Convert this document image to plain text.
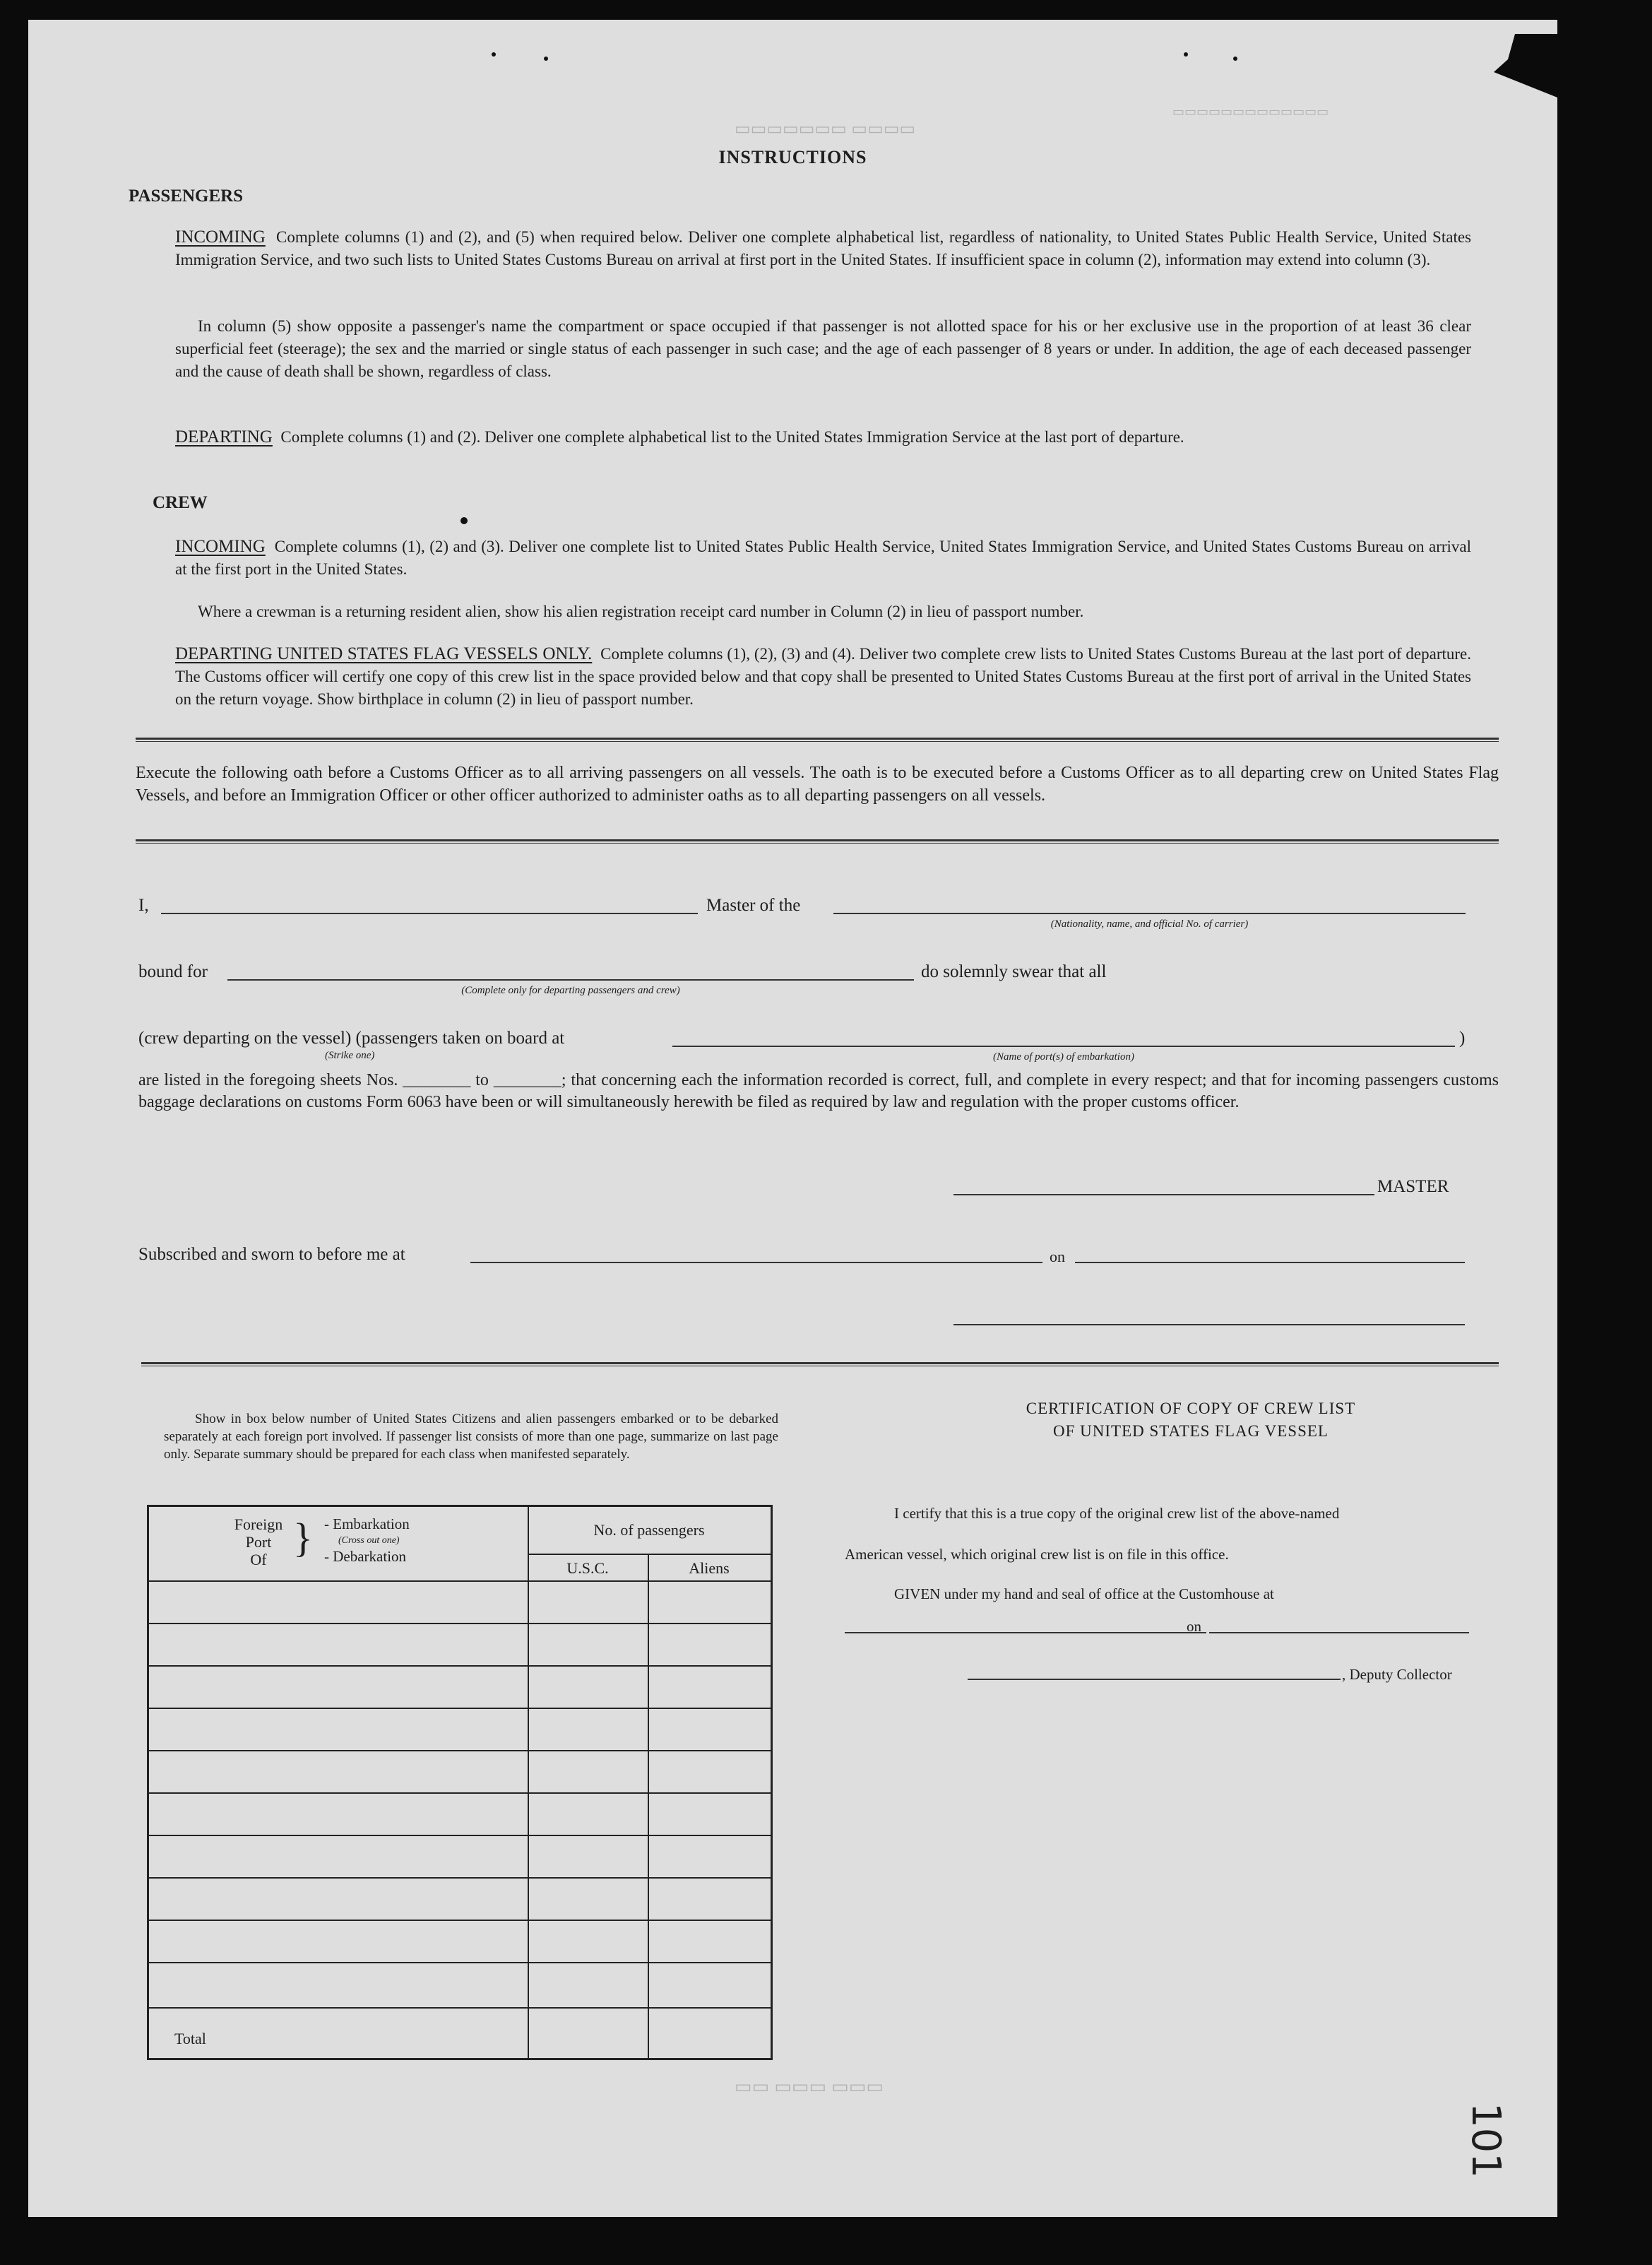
▭▭▭▭▭▭▭ ▭▭▭▭
▭▭▭▭▭▭▭▭▭▭▭▭▭
▭▭ ▭▭▭ ▭▭▭
INSTRUCTIONS
PASSENGERS

INCOMING Complete columns (1) and (2), and (5) when required below. Deliver one complete alphabetical list, regardless of nationality, to United States Public Health Service, United States Immigration Service, and two such lists to United States Customs Bureau on arrival at first port in the United States. If insufficient space in column (2), information may extend into column (3).

In column (5) show opposite a passenger's name the compartment or space occupied if that passenger is not allotted space for his or her exclusive use in the proportion of at least 36 clear superficial feet (steerage); the sex and the married or single status of each passenger in such case; and the age of each passenger of 8 years or under. In addition, the age of each deceased passenger and the cause of death shall be shown, regardless of class.

DEPARTING Complete columns (1) and (2). Deliver one complete alphabetical list to the United States Immigration Service at the last port of departure.

CREW

INCOMING Complete columns (1), (2) and (3). Deliver one complete list to United States Public Health Service, United States Immigration Service, and United States Customs Bureau on arrival at the first port in the United States.

Where a crewman is a returning resident alien, show his alien registration receipt card number in Column (2) in lieu of passport number.

DEPARTING UNITED STATES FLAG VESSELS ONLY. Complete columns (1), (2), (3) and (4). Deliver two complete crew lists to United States Customs Bureau at the last port of departure. The Customs officer will certify one copy of this crew list in the space provided below and that copy shall be presented to United States Customs Bureau at the first port of arrival in the United States on the return voyage. Show birthplace in column (2) in lieu of passport number.

Execute the following oath before a Customs Officer as to all arriving passengers on all vessels. The oath is to be executed before a Customs Officer as to all departing crew on United States Flag Vessels, and before an Immigration Officer or other officer authorized to administer oaths as to all departing passengers on all vessels.

I,	Master of the
(Nationality, name, and official No. of carrier)
bound for
(Complete only for departing passengers and crew)
do solemnly swear that all
(crew departing on the vessel) (passengers taken on board at
(Strike one)	(Name of port(s) of embarkation)
)

are listed in the foregoing sheets Nos. ________ to ________; that concerning each the information recorded is correct, full, and complete in every respect; and that for incoming passengers customs baggage declarations on customs Form 6063 have been or will simultaneously herewith be filed as required by law and regulation with the proper customs officer.

MASTER
Subscribed and sworn to before me at	on

Show in box below number of United States Citizens and alien passengers embarked or to be debarked separately at each foreign port involved. If passenger list consists of more than one page, summarize on last page only. Separate summary should be prepared for each class when manifested separately.

Foreign
Port
Of } - Embarkation
(Cross out one)
- Debarkation
No. of passengers
U.S.C.	Aliens
Total
CERTIFICATION OF COPY OF CREW LIST
OF UNITED STATES FLAG VESSEL
I certify that this is a true copy of the original crew list of the above-named
American vessel, which original crew list is on file in this office.
GIVEN under my hand and seal of office at the Customhouse at
on
, Deputy Collector
101
